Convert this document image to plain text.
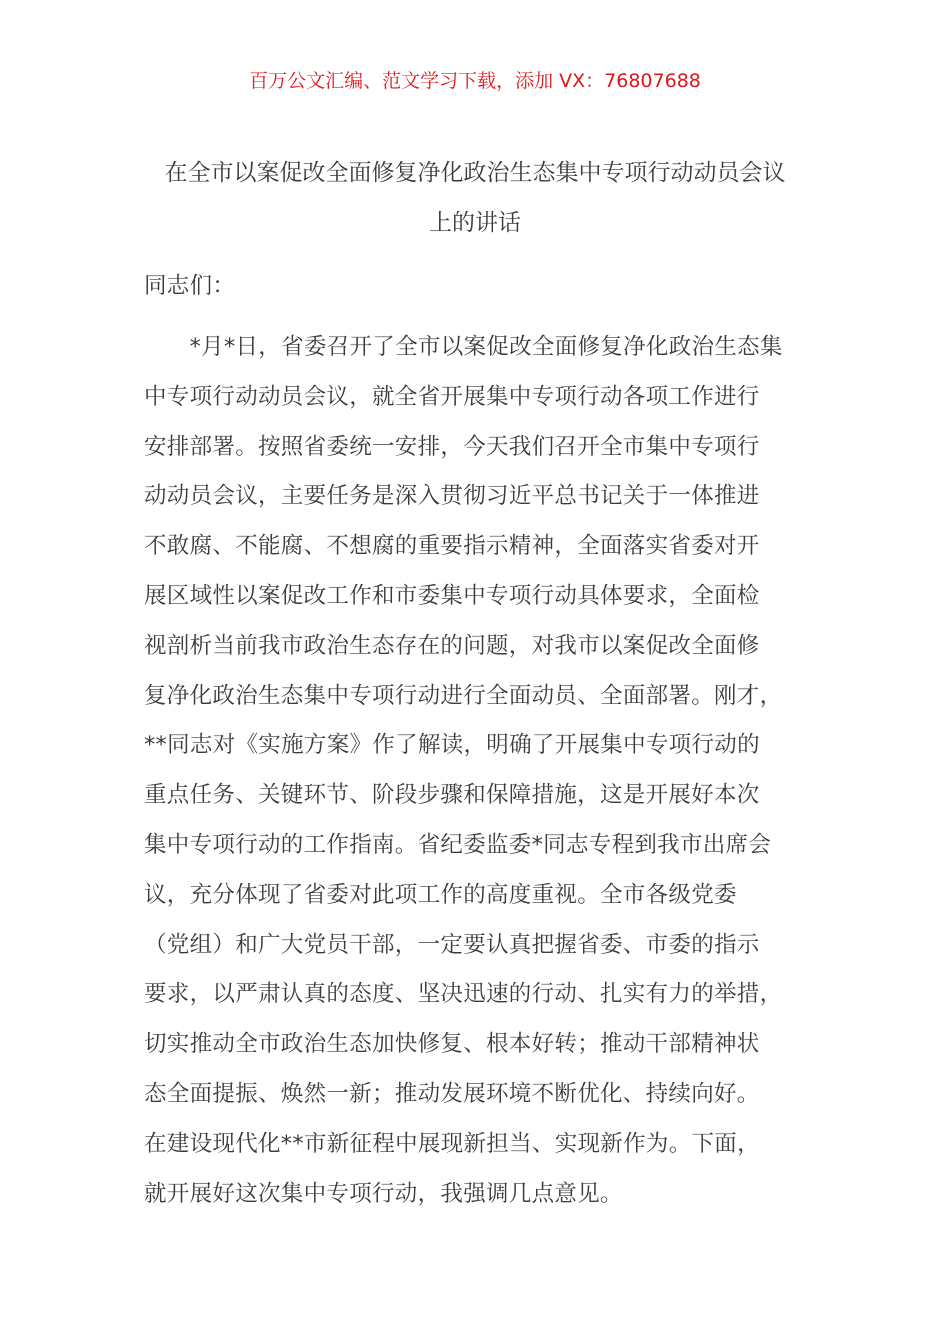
百万公文汇编、范文学习下载，添加 VX：76807688
在全市以案促改全面修复净化政治生态集中专项行动动员会议
上的讲话
同志们：
　　*月*日，省委召开了全市以案促改全面修复净化政治生态集
中专项行动动员会议，就全省开展集中专项行动各项工作进行
安排部署。按照省委统一安排，今天我们召开全市集中专项行
动动员会议，主要任务是深入贯彻习近平总书记关于一体推进
不敢腐、不能腐、不想腐的重要指示精神，全面落实省委对开
展区域性以案促改工作和市委集中专项行动具体要求，全面检
视剖析当前我市政治生态存在的问题，对我市以案促改全面修
复净化政治生态集中专项行动进行全面动员、全面部署。刚才，
**同志对《实施方案》作了解读，明确了开展集中专项行动的
重点任务、关键环节、阶段步骤和保障措施，这是开展好本次
集中专项行动的工作指南。省纪委监委*同志专程到我市出席会
议，充分体现了省委对此项工作的高度重视。全市各级党委
（党组）和广大党员干部，一定要认真把握省委、市委的指示
要求，以严肃认真的态度、坚决迅速的行动、扎实有力的举措，
切实推动全市政治生态加快修复、根本好转；推动干部精神状
态全面提振、焕然一新；推动发展环境不断优化、持续向好。
在建设现代化**市新征程中展现新担当、实现新作为。下面，
就开展好这次集中专项行动，我强调几点意见。
